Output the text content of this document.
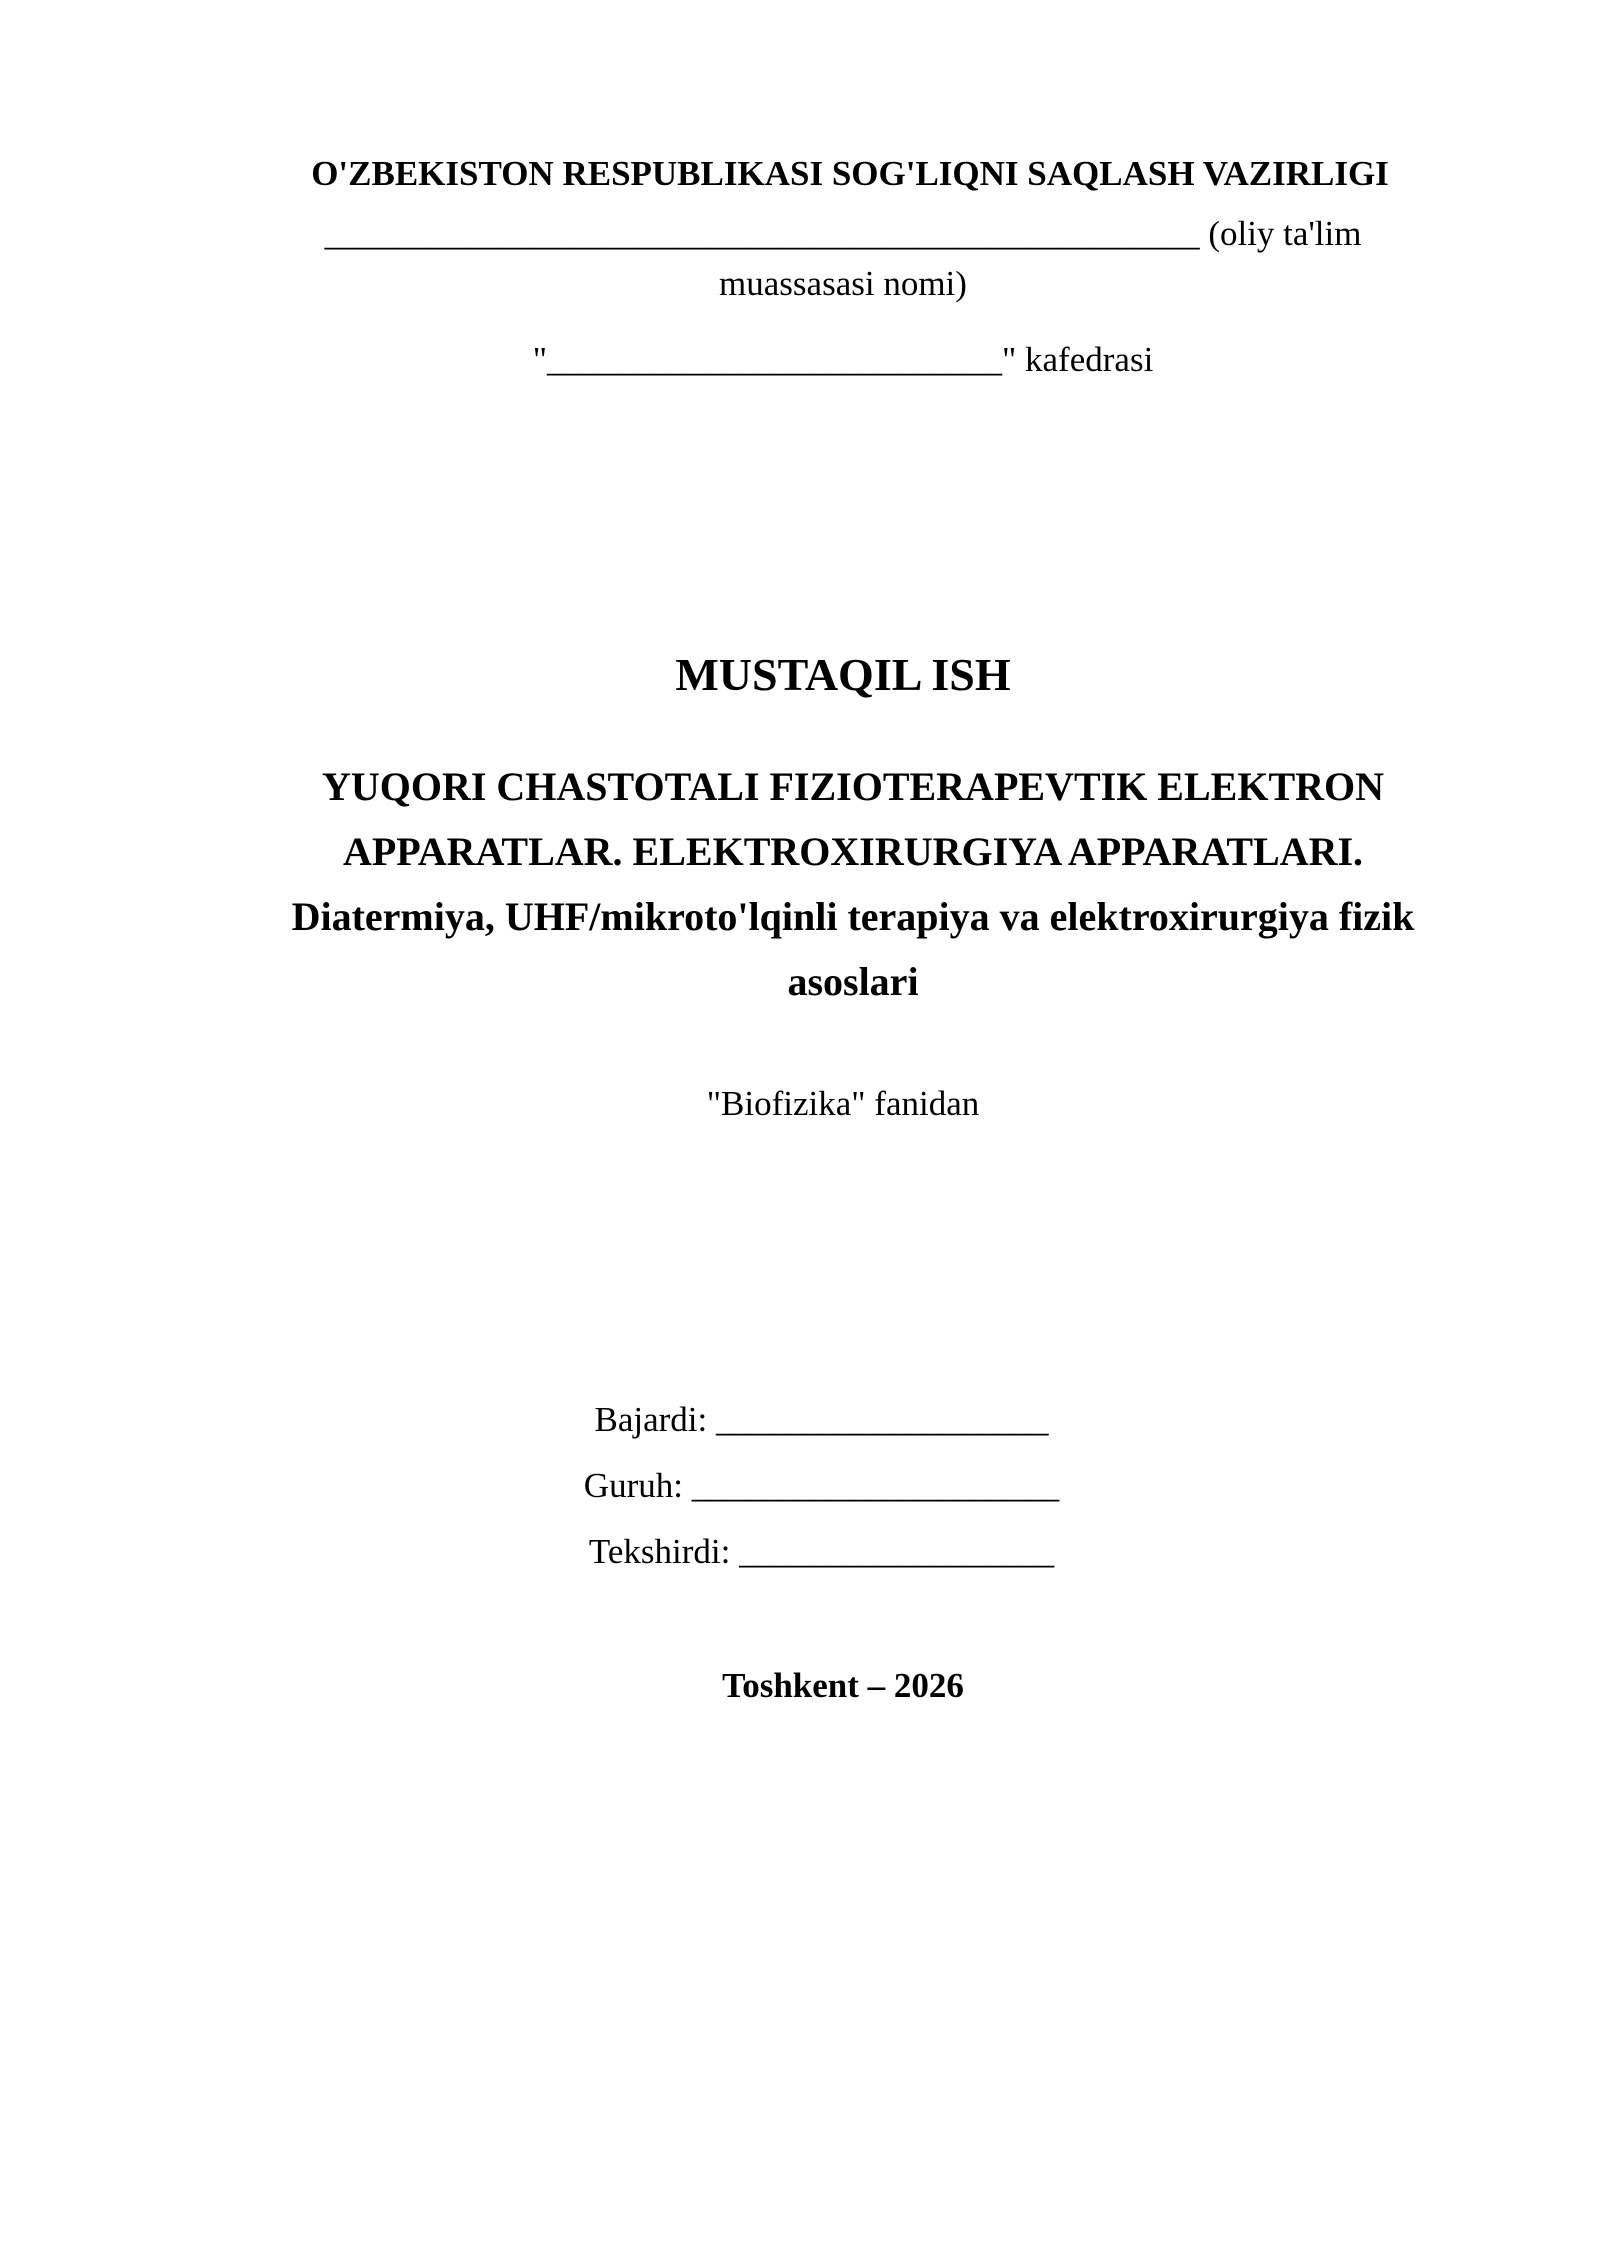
O'ZBEKISTON RESPUBLIKASI SOG'LIQNI SAQLASH VAZIRLIGI
__________________________________________________ (oliy ta'lim
muassasasi nomi)
"__________________________" kafedrasi
MUSTAQIL ISH
YUQORI CHASTOTALI FIZIOTERAPEVTIK ELEKTRON
APPARATLAR. ELEKTROXIRURGIYA APPARATLARI.
Diatermiya, UHF/mikroto'lqinli terapiya va elektroxirurgiya fizik
asoslari
"Biofizika" fanidan
Bajardi: ___________________
Guruh: _____________________
Tekshirdi: __________________
Toshkent – 2026
